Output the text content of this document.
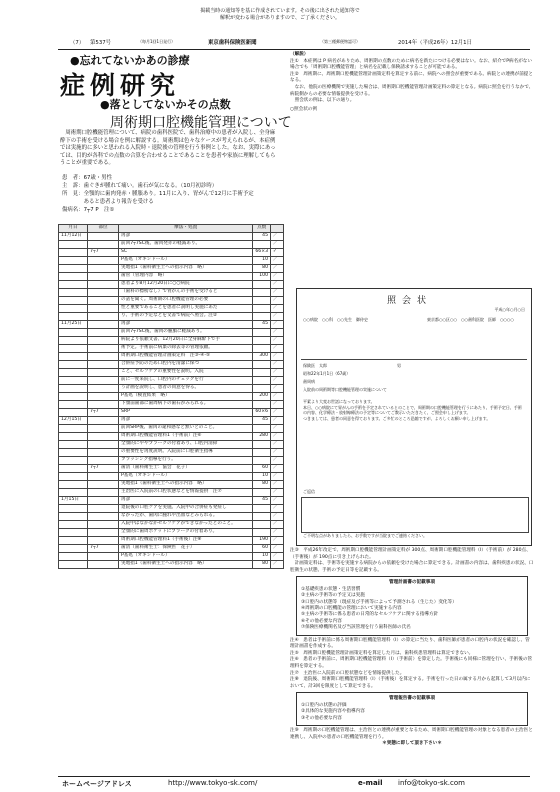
掲載当時の通知等を基に作成されています。その後に出された通知等で
解釈が変わる場合がありますので、ご了承ください。
（7） 第537号	（毎月1回1日発行）	東京歯科保険医新聞	（第三種郵便物認可）	2014年（平成26年）12月1日
●忘れてないかあの診療
症例研究
●落としてないかその点数
周術期口腔機能管理について
　周術期口腔機能管理について、病院の歯科医院で、歯科治療中の患者が入院し、全身麻酔下の手術を受ける場合を例に解説する。周術期は色々なケースが考えられるが、本症例では実施的に多いと思われる入院時・退院後の管理を行う事例とした。なお、実際にあっては、目的が各科での点数の合算を合わせることであることを患者や家族に理解してもらうことが重要である。
患　者：67歳・男性
主　訴：歯ぐきが腫れて痛い。歯石が気になる。（10月初診時）
所　見：全顎的に歯肉発赤・腫脹あり。11月に入り、胃がんで12月に手術予定
　　　　あると患者より報告を受ける
傷病名：7┬7 P　注①
月日	部位	療法・処置	点数	
11月12日		再診	45	／
		前回7┬7SC後、歯肉発赤の軽減あり。		／
	7┬7	SC	66×3	✓
		P基処（オキシドール）	10	／
		実地指1（歯科衛生士への指示内容　略）	80	／
		歯管（管理内容　略）	100	／
		患者より8月12月20日に○○病院		／
		（歯科の標榜なし）で胃がんの手術を受けると		／
		の話を聞く。周術期の口腔機能管理の必要		／
		性と重要であることを患者に説明し実施にあた		／
		り、手術の予定などを文書で病院へ照会。注②		／
11月25日		再診	45	／
		前回7┬7SC後、歯肉の腫脹に軽減あり。		／
		病院より依頼文書、12月20日に全身麻酔下で手		／
		術予定。手術前に病巣の除去等の管理依頼。		／
		周術期口腔機能管理計画策定料　注③-④-⑤	300	／
		合併症予防のため口腔内を清潔に保つ		／
		こと、セルフケアの重要性を説明。入院		／
		前に一度来院し、口腔内のチェックを行		／
		う計画を説明し、患者の同意を得る。		／
		P基処（検査結果　略）	200	／
		下顎前歯部に歯周病下の歯石がみられる。		／
	7┬7	SRP	60×6	／
12月15日		再診	45	／
		前回SRP後、歯肉の違和感など無いとのこと。		／
		周術期口腔機能管理料1（手術前）注⑥	280	／
		全顎的にややプラークの付着あり、口腔内清掃		／
		の重要性を再度説明。入院前に口腔衛生指導		／
		ブラッシング指導を行う。		／
	7┬7	歯清（歯科衛生士：協会　花子）	60	／
		P基処（オキシドール）	10	／
		実地指1（歯科衛生士への指示内容　略）	80	／
		主治医に入院前の口腔状態などを情報提供　注⑦		／
1月15日		再診	45	／
		退院後の口腔ケアを実施。入院中の合併症も発症し		／
		なかったが、歯肉に腫れや出血などみられる。		／
		入院中はなかなかセルフケアができなかったとのこと。		／
		全顎的に歯周ポケットにプラークの付着あり。		／
		周術期口腔機能管理料1（手術後）注⑧	190	／
	7┬7	歯清（歯科衛生士：保険医　花子）	60	／
		P基処（オキシドール）	10	／
		実地指1（歯科衛生士への指示内容　略）	80	／
（解説）
注①　本症例は P 病名がありため、周術期の点数のために病名を新たにつける必要はない。なお、紹介でP病名がない場合でも「周術期口腔機能管理」と病名を記載し保険請求することが可能である。
注②　周術期に、周術期口腔機能管理計画策定料を算定する前に、病院への照会が重要である。病院との連携が前提となる。
　なお、他院の医療機関で実施した場合は、周術期口腔機能管理計画策定料の算定となる。病院に照会を行うなかで、病院側からの必要な情報提供を受ける。
　照会状の例は、以下の通り。
○照会状の例
照会状
平成○年○月○日
○○病院　○○科　○○先生　御侍史	東京都○○区○○　○○歯科医院　医師　○○○○
保険医　太郎	男
昭和22年1月1日（67歳）
歯周病
入院前の周術期等口腔機能管理の実施について
平素より大変お世話になっております。
本日、○○病院にて胃がんの手術を予定されているとのことで、周術期の口腔機能管理を行うにあたり、手術予定日、手術の内容、化学療法・放射線療法の予定等についてご教示いただきたく、ご照会申し上げます。
つきましては、患者の同意を得ております。ご多忙のところ恐縮ですが、よろしくお願い申し上げます。
ご返信
ご不明な点がありましたら、お手数ですが当院までご連絡ください。
注③　平成26年改定で、周術期口腔機能管理計画策定料が 300点、周術期口腔機能管理料（Ⅰ）（手術前）が 280点、（手術後）が 190点に引き上げられた。
　計画策定料は、手術等を実施する病院からの依頼を受けた場合に算定できる。計画書の内容は、歯科疾患の状況、口腔衛生の状態、手術の予定日等を記載する。
管理計画書の記載事項
①基礎疾患の状態・生活習慣
②主病の手術等の予定又は実施
③口腔内の状態等（現症及び手術等によって予測される（生じた）変化等）
④周術期の口腔機能の管理において実施する内容
⑤主病の手術等に係る患者の日常的なセルフケアに関する指導方針
⑥その他必要な内容
⑦保険医療機関名及び当該管理を行う歯科医師の氏名
注④　患者は手術前に係る周術期口腔機能管理料（Ⅰ）の算定に当たり、歯科医師が患者の口腔内の状況を確認し、管理計画書を作成する。
注⑤　周術期口腔機能管理計画策定料を算定した月は、歯科疾患管理料は算定できない。
注⑥　患者の手術前に、周術期口腔機能管理料（Ⅰ）（手術前）を算定した。手術後にも同様に管理を行い、手術後の管理料を算定する。
注⑦　主治医に入院前の口腔状態などを情報提供した。
注⑧　退院後、周術期口腔機能管理料（Ⅰ）（手術後）を算定する。手術を行った日の属する月から起算して3月以内において、計3回を限度として算定できる。
管理報告書の記載事項
①口腔内の状態の評価
②具体的な実施内容や指導内容
③その他必要な内容
注⑨　周術期の口腔機能管理は、主治医との連携が重要となるため、周術期口腔機能管理の対象となる患者の主治医と連携し、入院中の患者の口腔機能管理を行う。
＊実態に即して頂き下さい＊
ホームページアドレス	http://www.tokyo-sk.com/	e-mail info@tokyo-sk.com
